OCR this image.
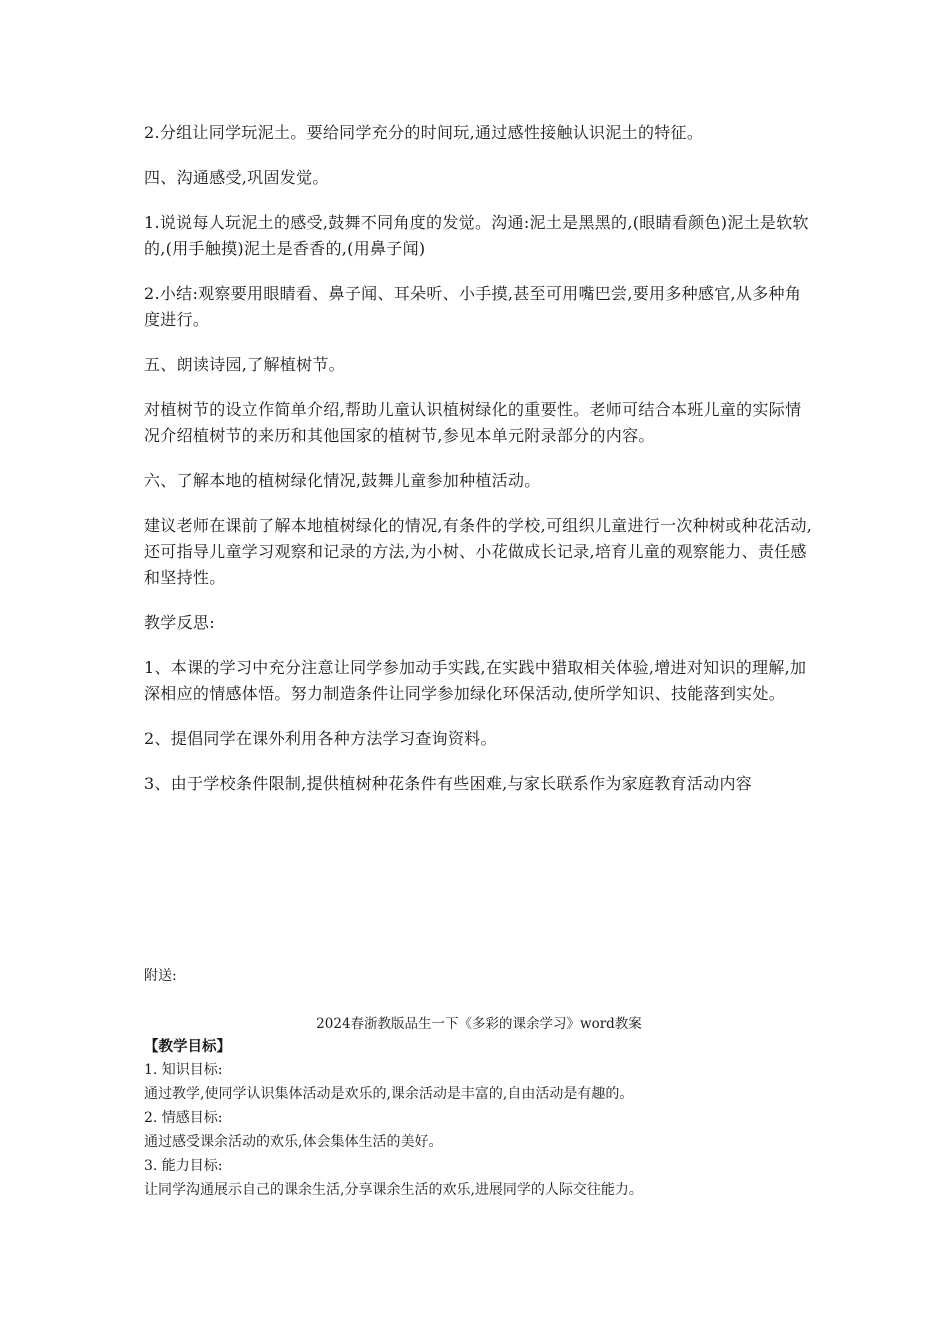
2.分组让同学玩泥土。要给同学充分的时间玩,通过感性接触认识泥土的特征。

四、沟通感受,巩固发觉。

1.说说每人玩泥土的感受,鼓舞不同角度的发觉。沟通:泥土是黑黑的,(眼睛看颜色)泥土是软软的,(用手触摸)泥土是香香的,(用鼻子闻)

2.小结:观察要用眼睛看、鼻子闻、耳朵听、小手摸,甚至可用嘴巴尝,要用多种感官,从多种角度进行。

五、朗读诗园,了解植树节。

对植树节的设立作简单介绍,帮助儿童认识植树绿化的重要性。老师可结合本班儿童的实际情况介绍植树节的来历和其他国家的植树节,参见本单元附录部分的内容。

六、了解本地的植树绿化情况,鼓舞儿童参加种植活动。

建议老师在课前了解本地植树绿化的情况,有条件的学校,可组织儿童进行一次种树或种花活动,还可指导儿童学习观察和记录的方法,为小树、小花做成长记录,培育儿童的观察能力、责任感和坚持性。

教学反思:

1、本课的学习中充分注意让同学参加动手实践,在实践中猎取相关体验,增进对知识的理解,加深相应的情感体悟。努力制造条件让同学参加绿化环保活动,使所学知识、技能落到实处。

2、提倡同学在课外利用各种方法学习查询资料。

3、由于学校条件限制,提供植树种花条件有些困难,与家长联系作为家庭教育活动内容

附送:

2024春浙教版品生一下《多彩的课余学习》word教案

【教学目标】

1. 知识目标:

通过教学,使同学认识集体活动是欢乐的,课余活动是丰富的,自由活动是有趣的。

2. 情感目标:

通过感受课余活动的欢乐,体会集体生活的美好。

3. 能力目标:

让同学沟通展示自己的课余生活,分享课余生活的欢乐,进展同学的人际交往能力。
